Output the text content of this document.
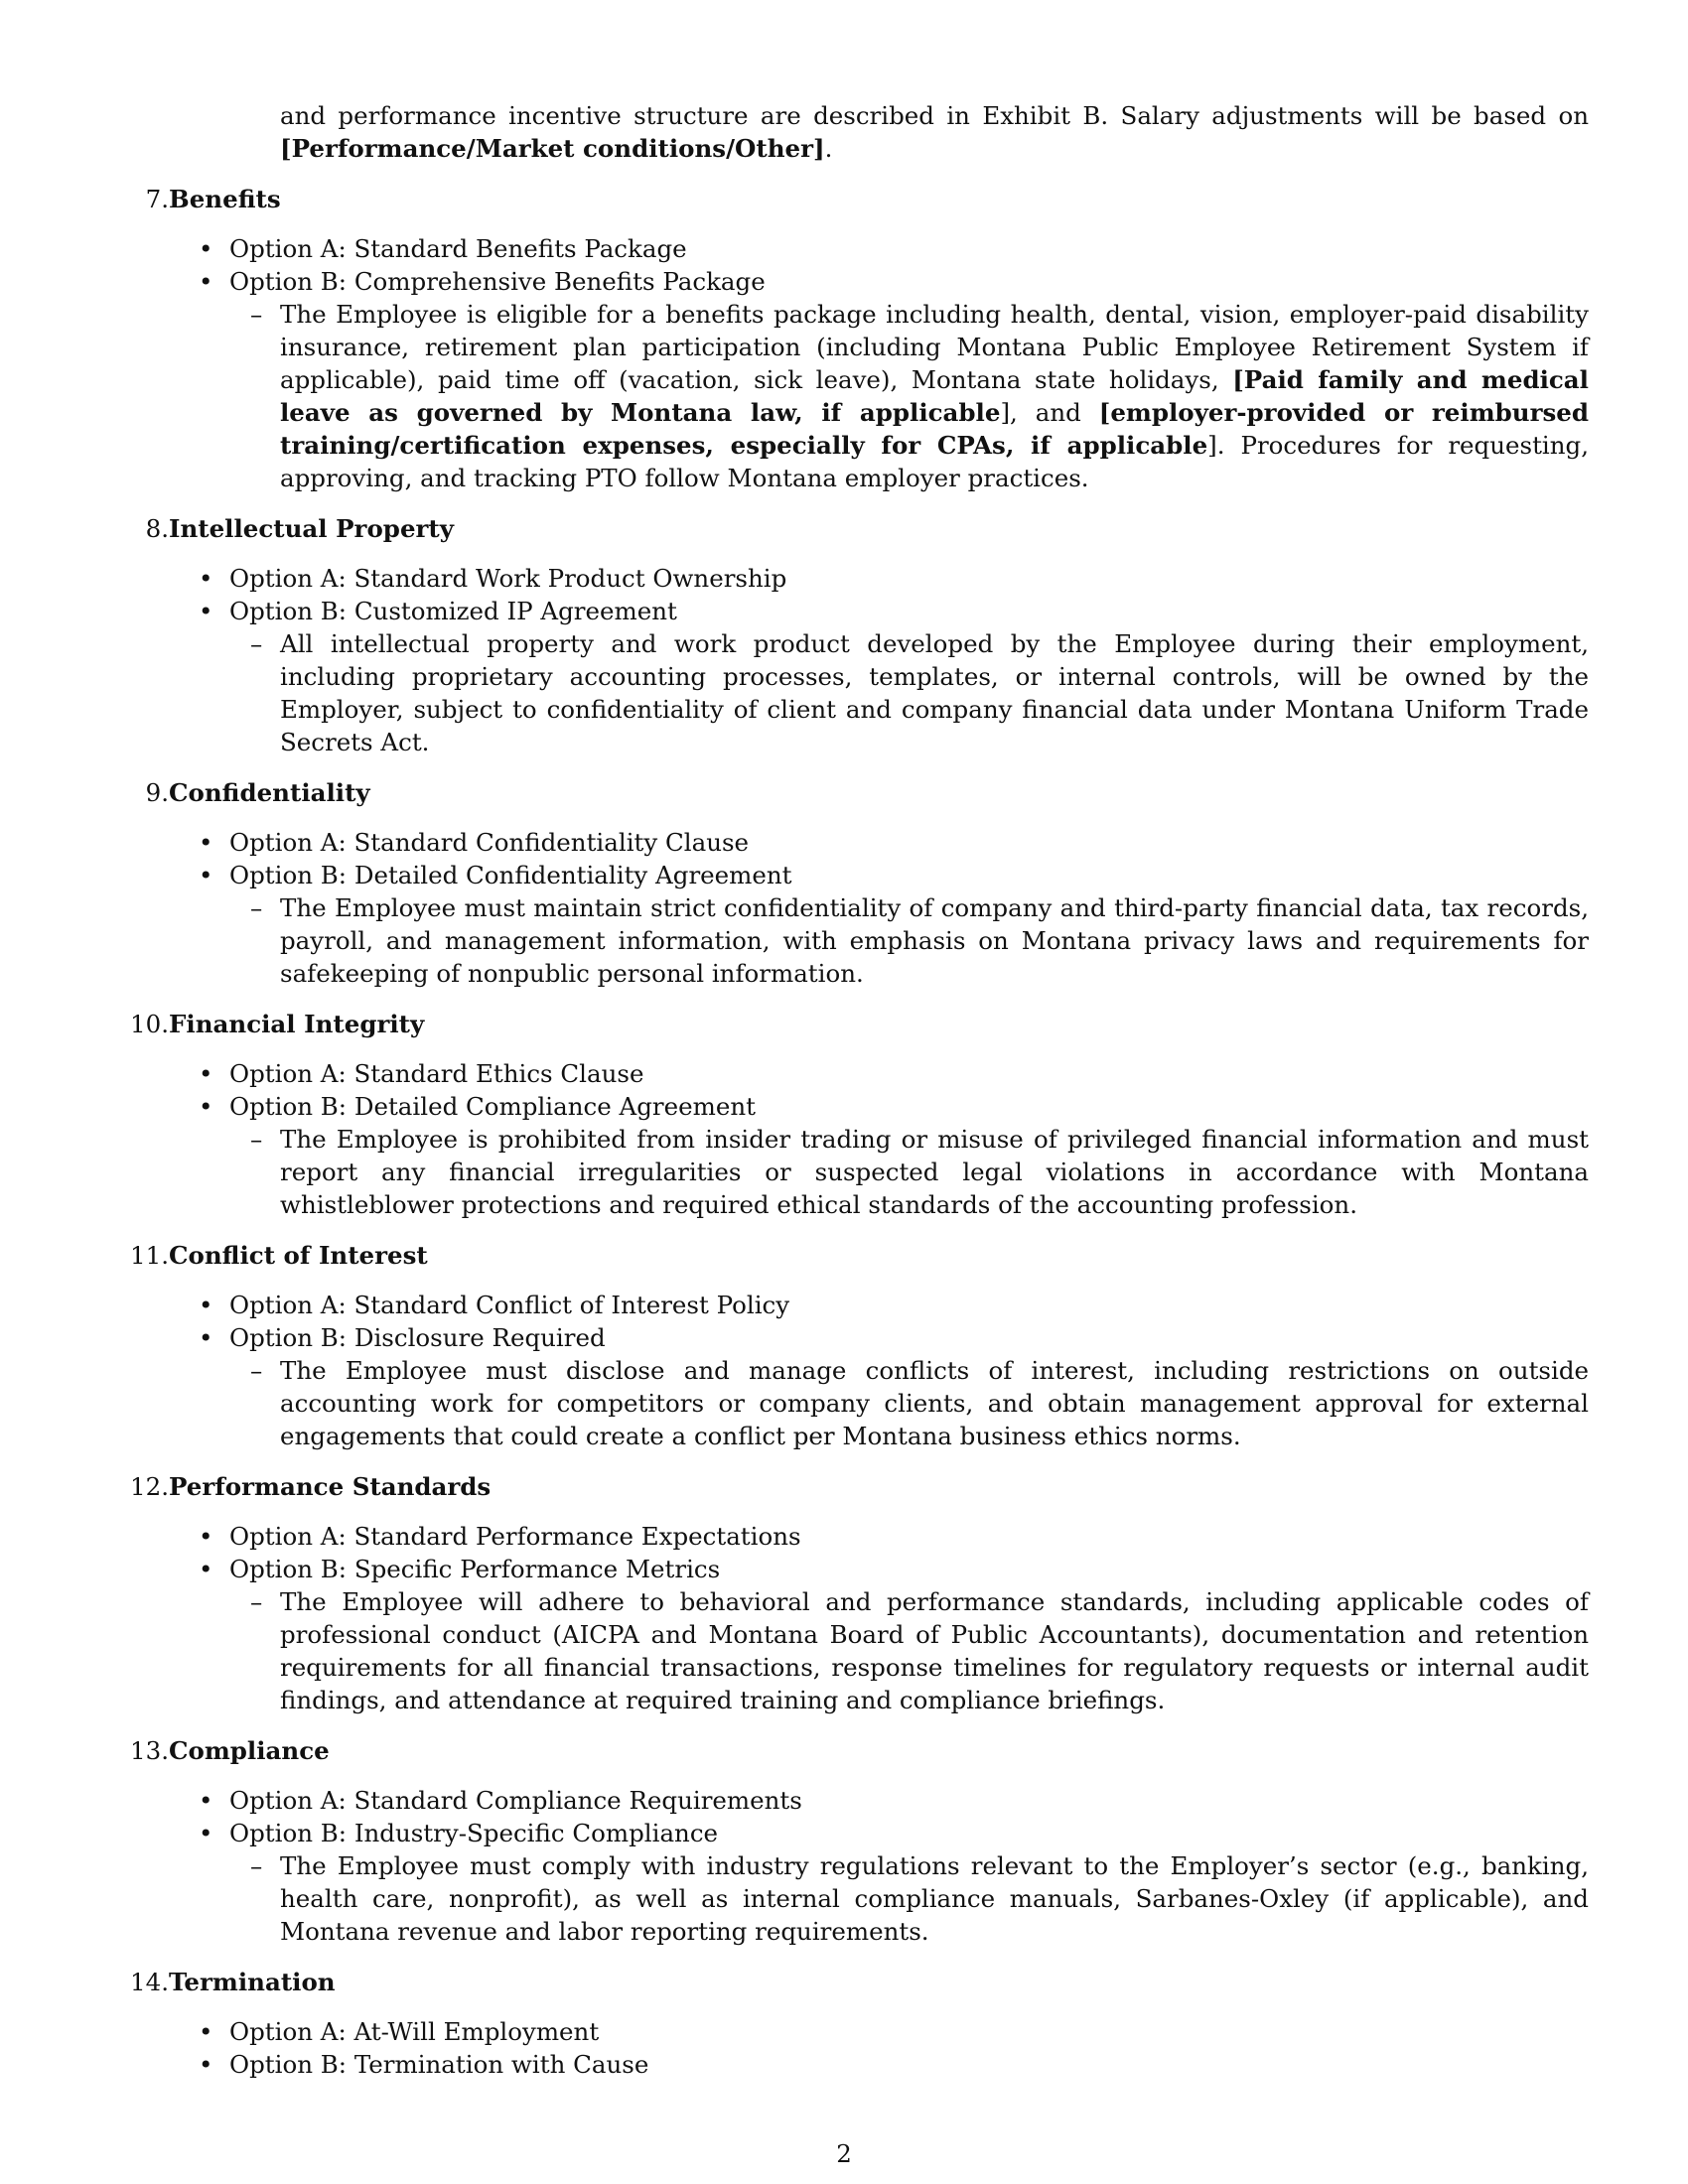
and performance incentive structure are described in Exhibit B. Salary adjustments will be based on [Performance/Market conditions/Other].
7. Benefits
• Option A: Standard Benefits Package
• Option B: Comprehensive Benefits Package
– The Employee is eligible for a benefits package including health, dental, vision, employer-paid disability insurance, retirement plan participation (including Montana Public Employee Retirement System if applicable), paid time off (vacation, sick leave), Montana state holidays, [Paid family and medical leave as governed by Montana law, if applicable], and [employer-provided or reimbursed training/certification expenses, especially for CPAs, if applicable]. Procedures for requesting, approving, and tracking PTO follow Montana employer practices.
8. Intellectual Property
• Option A: Standard Work Product Ownership
• Option B: Customized IP Agreement
– All intellectual property and work product developed by the Employee during their employment, including proprietary accounting processes, templates, or internal controls, will be owned by the Employer, subject to confidentiality of client and company financial data under Montana Uniform Trade Secrets Act.
9. Confidentiality
• Option A: Standard Confidentiality Clause
• Option B: Detailed Confidentiality Agreement
– The Employee must maintain strict confidentiality of company and third-party financial data, tax records, payroll, and management information, with emphasis on Montana privacy laws and requirements for safekeeping of nonpublic personal information.
10. Financial Integrity
• Option A: Standard Ethics Clause
• Option B: Detailed Compliance Agreement
– The Employee is prohibited from insider trading or misuse of privileged financial information and must report any financial irregularities or suspected legal violations in accordance with Montana whistleblower protections and required ethical standards of the accounting profession.
11. Conflict of Interest
• Option A: Standard Conflict of Interest Policy
• Option B: Disclosure Required
– The Employee must disclose and manage conflicts of interest, including restrictions on outside accounting work for competitors or company clients, and obtain management approval for external engagements that could create a conflict per Montana business ethics norms.
12. Performance Standards
• Option A: Standard Performance Expectations
• Option B: Specific Performance Metrics
– The Employee will adhere to behavioral and performance standards, including applicable codes of professional conduct (AICPA and Montana Board of Public Accountants), documentation and retention requirements for all financial transactions, response timelines for regulatory requests or internal audit findings, and attendance at required training and compliance briefings.
13. Compliance
• Option A: Standard Compliance Requirements
• Option B: Industry-Specific Compliance
– The Employee must comply with industry regulations relevant to the Employer’s sector (e.g., banking, health care, nonprofit), as well as internal compliance manuals, Sarbanes-Oxley (if applicable), and Montana revenue and labor reporting requirements.
14. Termination
• Option A: At-Will Employment
• Option B: Termination with Cause
2
